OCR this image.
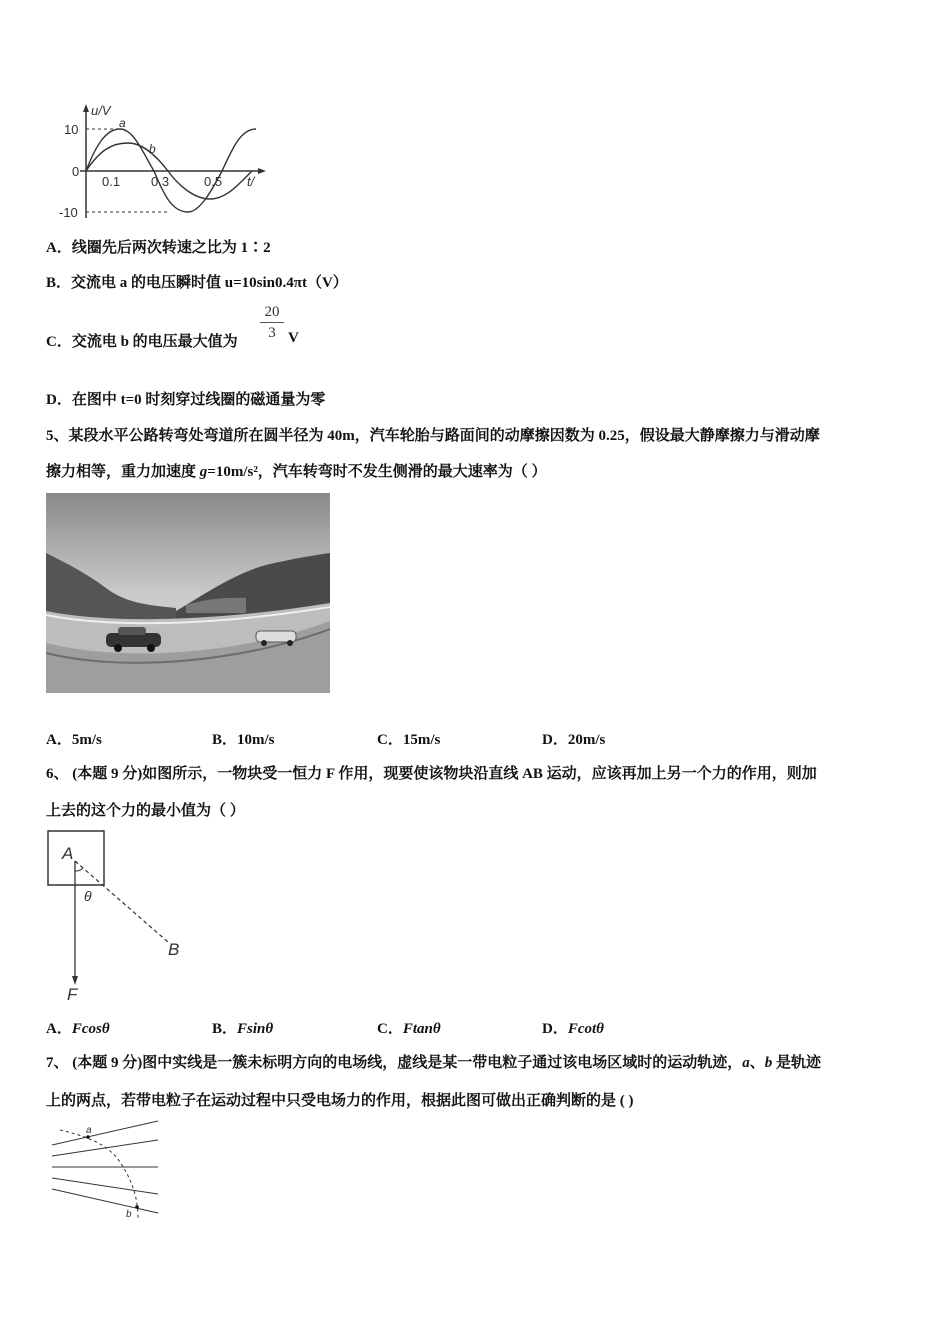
u/V
a
b
10
0
-10
0.1 0.3	0.5 t/
A．线圈先后两次转速之比为 1∶2
B．交流电 a 的电压瞬时值 u=10sin0.4πt（V）
C．交流电 b 的电压最大值为
20
3 V
D．在图中 t=0 时刻穿过线圈的磁通量为零
5、某段水平公路转弯处弯道所在圆半径为 40m，汽车轮胎与路面间的动摩擦因数为 0.25，假设最大静摩擦力与滑动摩
擦力相等，重力加速度 g=10m/s²，汽车转弯时不发生侧滑的最大速率为（ ）
A．5m/s	B．10m/s	C．15m/s	D．20m/s
6、 (本题 9 分)如图所示，一物块受一恒力 F 作用，现要使该物块沿直线 AB 运动，应该再加上另一个力的作用，则加
上去的这个力的最小值为（ ）
A
θ
B
F
A．Fcosθ	B．Fsinθ	C．Ftanθ	D．Fcotθ
7、 (本题 9 分)图中实线是一簇未标明方向的电场线，虚线是某一带电粒子通过该电场区域时的运动轨迹，a、b 是轨迹
上的两点，若带电粒子在运动过程中只受电场力的作用，根据此图可做出正确判断的是 ( )
a
b
